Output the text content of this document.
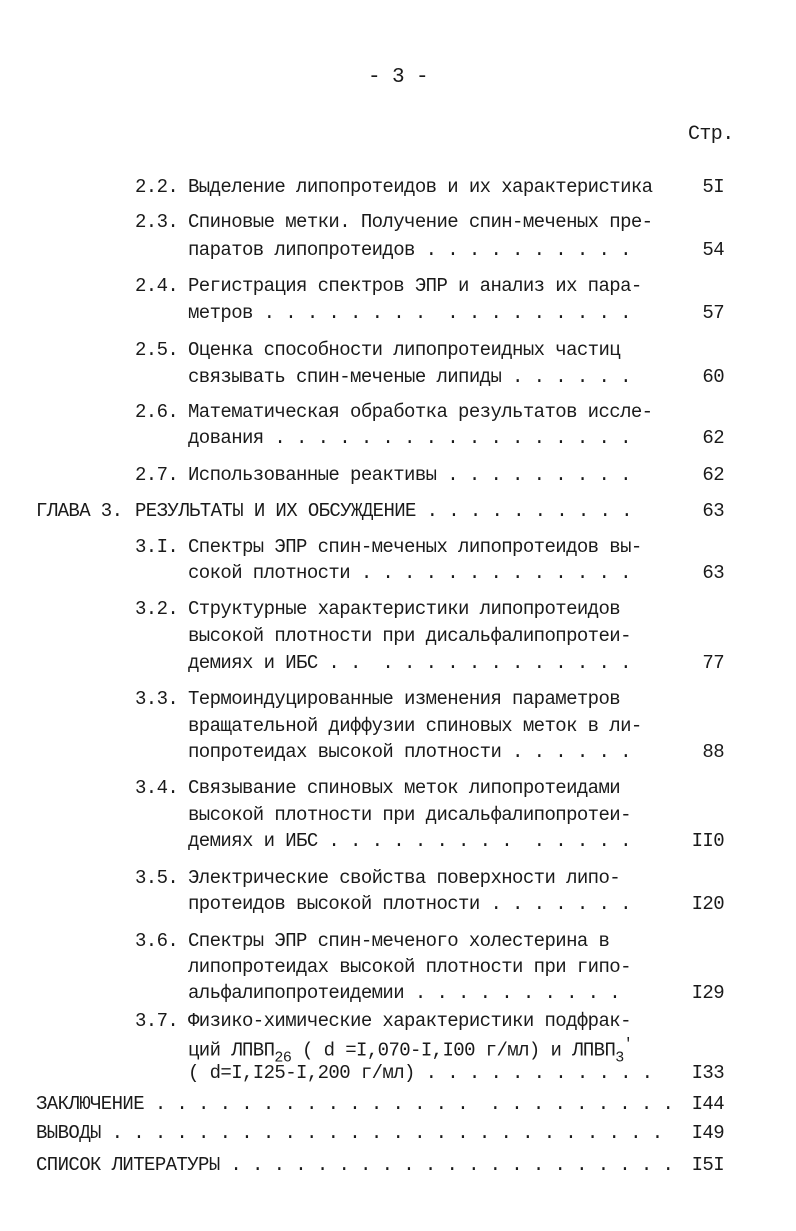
- 3 -
Стр.
2.2. Выделение липопротеидов и их характеристика	5I
2.3. Спиновые метки. Получение спин-меченых пре-
паратов липопротеидов . . . . . . . . . .	54
2.4. Регистрация спектров ЭПР и анализ их пара-
метров . . . . . . . .  . . . . . . . . .	57
2.5. Оценка способности липопротеидных частиц
связывать спин-меченые липиды . . . . . .	60
2.6. Математическая обработка результатов иссле-
дования . . . . . . . . . . . . . . . . .	62
2.7. Использованные реактивы . . . . . . . . .	62
ГЛАВА 3. РЕЗУЛЬТАТЫ И ИХ ОБСУЖДЕНИЕ . . . . . . . . . .	63
3.I. Спектры ЭПР спин-меченых липопротеидов вы-
сокой плотности . . . . . . . . . . . . .	63
3.2. Структурные характеристики липопротеидов
высокой плотности при дисальфалипопротеи-
демиях и ИБС . .  . . . . . . . . . . . .	77
3.3. Термоиндуцированные изменения параметров
вращательной диффузии спиновых меток в ли-
попротеидах высокой плотности . . . . . .	88
3.4. Связывание спиновых меток липопротеидами
высокой плотности при дисальфалипопротеи-
демиях и ИБС . . . . . . . . .  . . . . .	II0
3.5. Электрические свойства поверхности липо-
протеидов высокой плотности . . . . . . .	I20
3.6. Спектры ЭПР спин-меченого холестерина в
липопротеидах высокой плотности при гипо-
альфалипопротеидемии . . . . . . . . . .	I29
3.7. Физико-химические характеристики подфрак-
ций $ЛПВП_{26}$ ( d =I,070-I,I00 г/мл) и $ЛПВП_3'$
( d=I,I25-I,200 г/мл) . . . . . . . . . . .	I33
ЗАКЛЮЧЕНИЕ . . . . . . . . . . . . . . .  . . . . . . . . . I44
ВЫВОДЫ . . . . . . . . . . . . . . . . . . . . . . . . . .	I49
СПИСОК ЛИТЕРАТУРЫ . . . . . . . . . . . . . . . . . . . . . I5I
